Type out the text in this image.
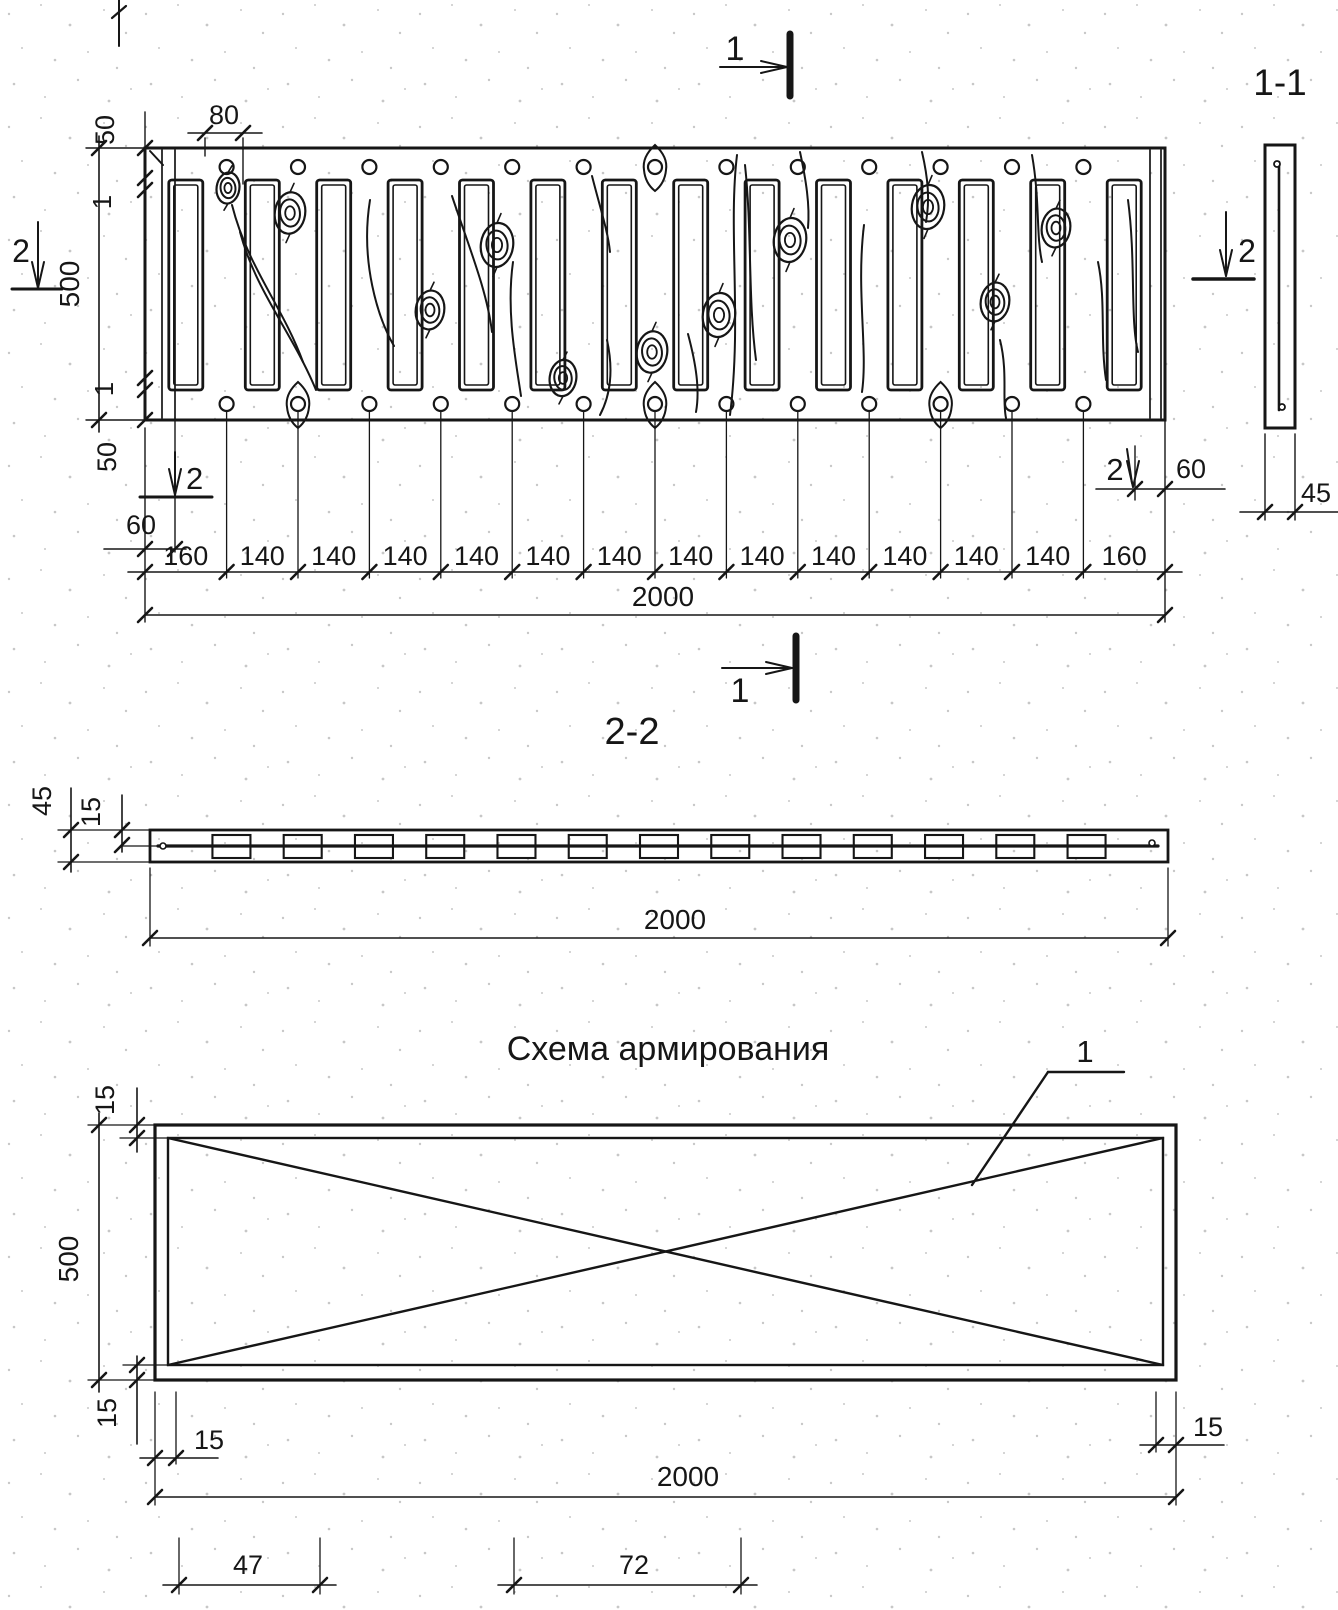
500
50
1
1
50
80
60
60
160 140 140 140 140 140 140 140 140 140 140 140 140 160
2000
2	2
2
1
1
1-1
2
45
2-2
45 15
2000
Схема армирования	1
500
15
15
15	15
2000
47	72
